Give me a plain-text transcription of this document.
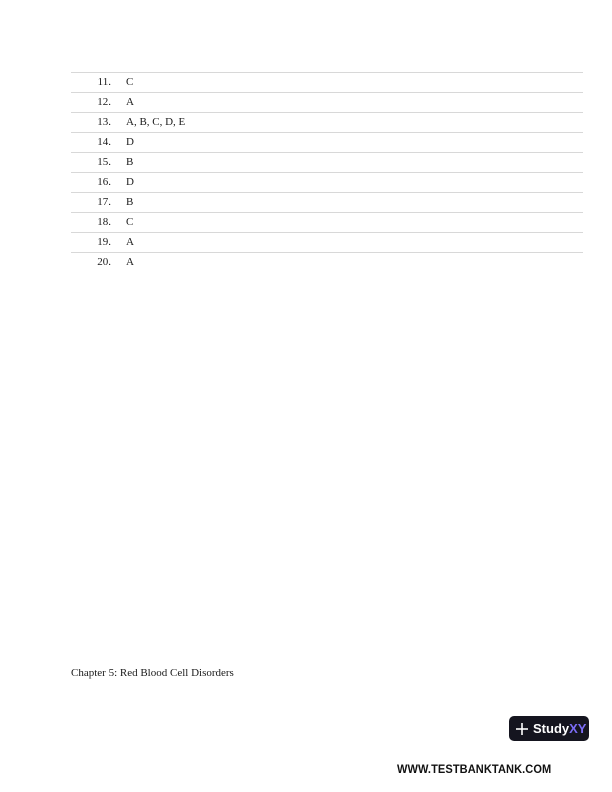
11.	C
12.	A
13.	A, B, C, D, E
14.	D
15.	B
16.	D
17.	B
18.	C
19.	A
20.	A
Chapter 5: Red Blood Cell Disorders
Study XY
WWW.TESTBANKTANK.COM
